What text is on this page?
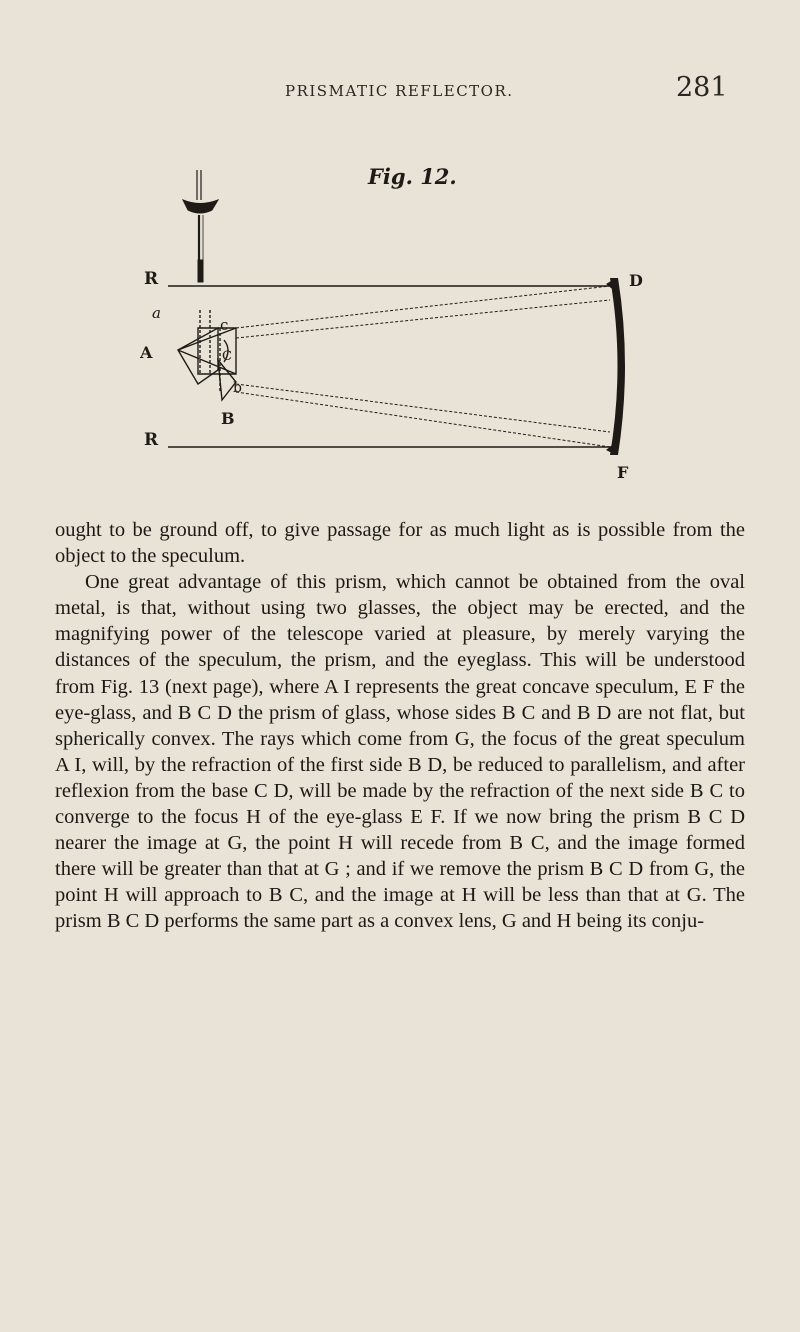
PRISMATIC REFLECTOR.	281
Fig. 12.
R
R
a
c
A	C
b
B
D
F

ought to be ground off, to give passage for as much light as is possible from the object to the speculum.

One great advantage of this prism, which cannot be obtained from the oval metal, is that, without using two glasses, the object may be erected, and the magnifying power of the telescope varied at pleasure, by merely varying the distances of the speculum, the prism, and the eyeglass. This will be understood from Fig. 13 (next page), where A I represents the great concave speculum, E F the eye-glass, and B C D the prism of glass, whose sides B C and B D are not flat, but spherically convex. The rays which come from G, the focus of the great speculum A I, will, by the refraction of the first side B D, be reduced to parallelism, and after reflexion from the base C D, will be made by the refraction of the next side B C to converge to the focus H of the eye-glass E F. If we now bring the prism B C D nearer the image at G, the point H will recede from B C, and the image formed there will be greater than that at G ; and if we remove the prism B C D from G, the point H will approach to B C, and the image at H will be less than that at G. The prism B C D performs the same part as a convex lens, G and H being its conju-
